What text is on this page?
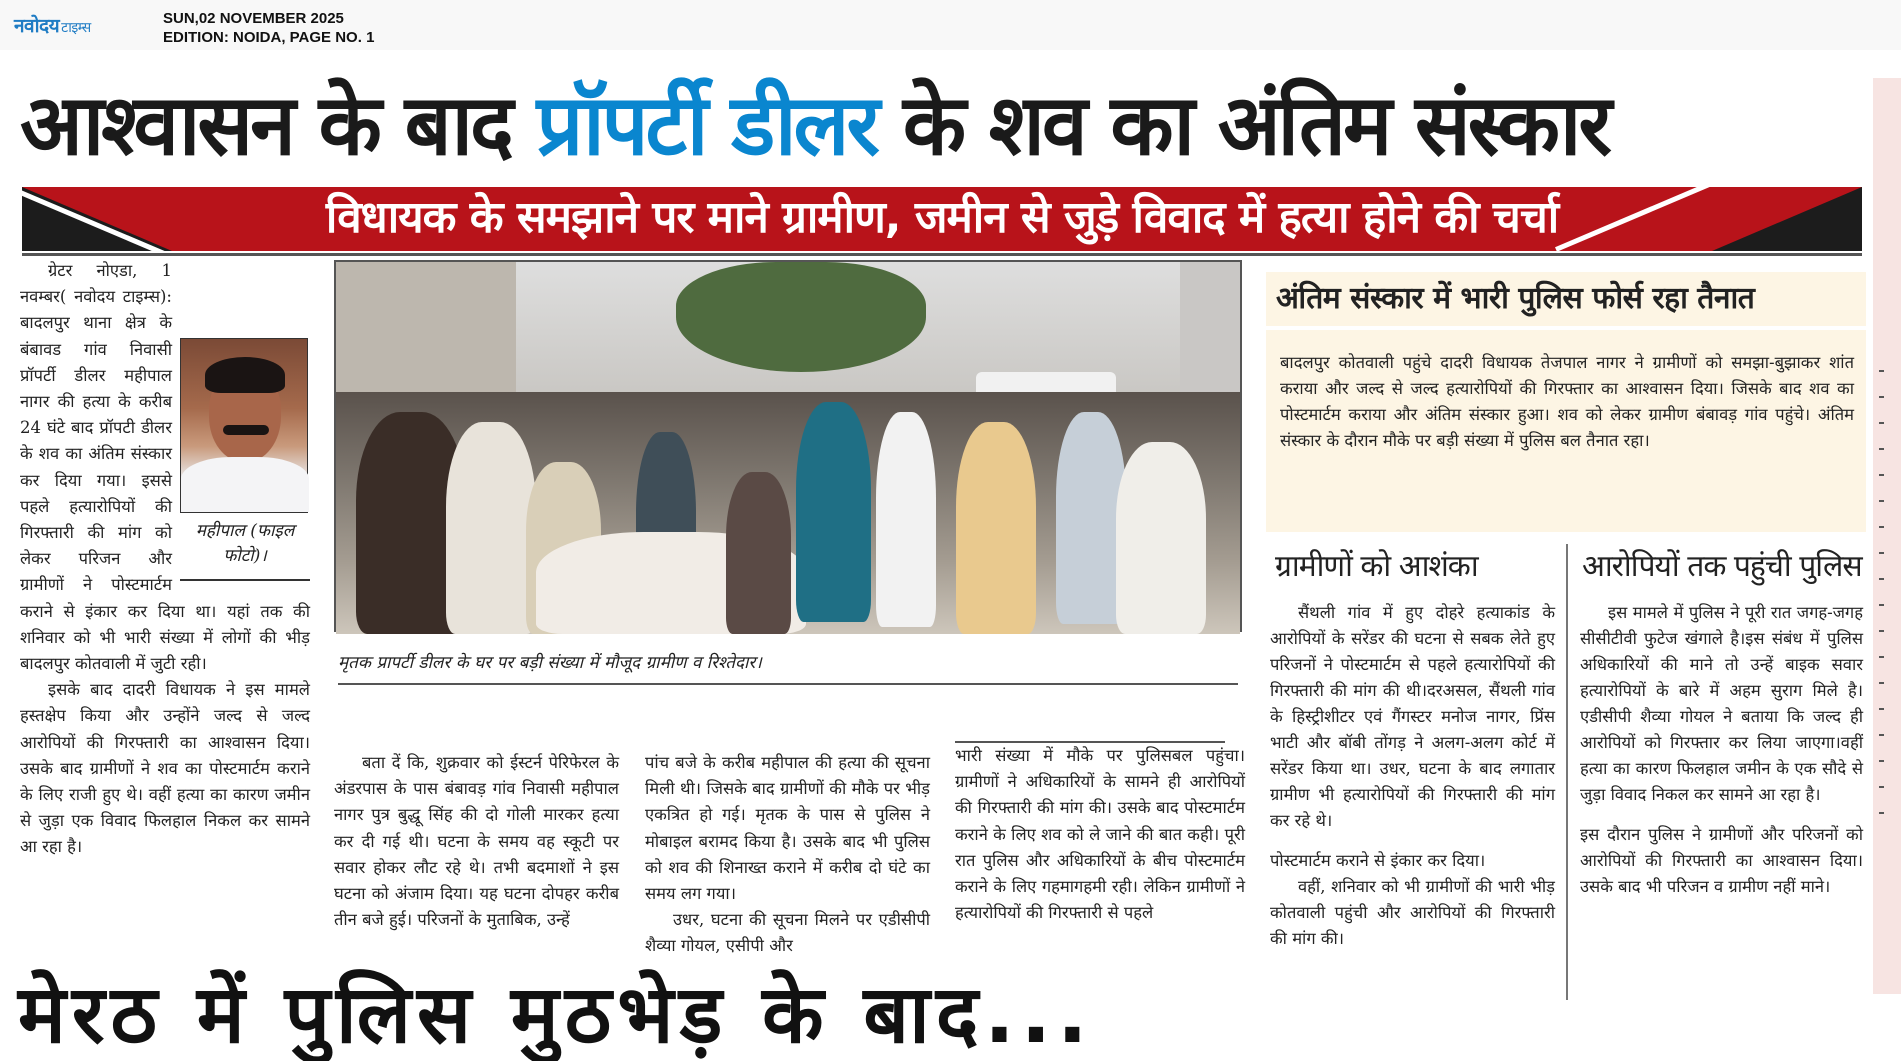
नवोदय टाइम्स
SUN,02 NOVEMBER 2025
EDITION: NOIDA, PAGE NO. 1
आश्वासन के बाद प्रॉपर्टी डीलर के शव का अंतिम संस्कार
विधायक के समझाने पर माने ग्रामीण, जमीन से जुड़े विवाद में हत्या होने की चर्चा
महीपाल (फाइल फोटो)।

ग्रेटर नोएडा, 1 नवम्बर( नवोदय टाइम्स): बादलपुर थाना क्षेत्र के बंबावड गांव निवासी प्रॉपर्टी डीलर महीपाल नागर की हत्या के करीब 24 घंटे बाद प्रॉपटी डीलर के शव का अंतिम संस्कार कर दिया गया। इससे पहले हत्यारोपियों की गिरफ्तारी की मांग को लेकर परिजन और ग्रामीणों ने पोस्टमार्टम कराने से इंकार कर दिया था। यहां तक की शनिवार को भी भारी संख्या में लोगों की भीड़ बादलपुर कोतवाली में जुटी रही।

इसके बाद दादरी विधायक ने इस मामले हस्तक्षेप किया और उन्होंने जल्द से जल्द आरोपियों की गिरफ्तारी का आश्वासन दिया। उसके बाद ग्रामीणों ने शव का पोस्टमार्टम कराने के लिए राजी हुए थे। वहीं हत्या का कारण जमीन से जुड़ा एक विवाद फिलहाल निकल कर सामने आ रहा है।

मृतक प्रापर्टी डीलर के घर पर बड़ी संख्या में मौजूद ग्रामीण व रिश्तेदार।

बता दें कि, शुक्रवार को ईस्टर्न पेरिफेरल के अंडरपास के पास बंबावड़ गांव निवासी महीपाल नागर पुत्र बुद्धू सिंह की दो गोली मारकर हत्या कर दी गई थी। घटना के समय वह स्कूटी पर सवार होकर लौट रहे थे। तभी बदमाशों ने इस घटना को अंजाम दिया। यह घटना दोपहर करीब तीन बजे हुई। परिजनों के मुताबिक, उन्हें

पांच बजे के करीब महीपाल की हत्या की सूचना मिली थी। जिसके बाद ग्रामीणों की मौके पर भीड़ एकत्रित हो गई। मृतक के पास से पुलिस ने मोबाइल बरामद किया है। उसके बाद भी पुलिस को शव की शिनाख्त कराने में करीब दो घंटे का समय लग गया।

उधर, घटना की सूचना मिलने पर एडीसीपी शैव्या गोयल, एसीपी और

भारी संख्या में मौके पर पुलिसबल पहुंचा। ग्रामीणों ने अधिकारियों के सामने ही आरोपियों की गिरफ्तारी की मांग की। उसके बाद पोस्टमार्टम कराने के लिए शव को ले जाने की बात कही। पूरी रात पुलिस और अधिकारियों के बीच पोस्टमार्टम कराने के लिए गहमागहमी रही। लेकिन ग्रामीणों ने हत्यारोपियों की गिरफ्तारी से पहले

अंतिम संस्कार में भारी पुलिस फोर्स रहा तैनात
बादलपुर कोतवाली पहुंचे दादरी विधायक तेजपाल नागर ने ग्रामीणों को समझा-बुझाकर शांत कराया और जल्द से जल्द हत्यारोपियों की गिरफ्तार का आश्वासन दिया। जिसके बाद शव का पोस्टमार्टम कराया और अंतिम संस्कार हुआ। शव को लेकर ग्रामीण बंबावड़ गांव पहुंचे। अंतिम संस्कार के दौरान मौके पर बड़ी संख्या में पुलिस बल तैनात रहा।
ग्रामीणों को आशंका	आरोपियों तक पहुंची पुलिस

सैंथली गांव में हुए दोहरे हत्याकांड के आरोपियों के सरेंडर की घटना से सबक लेते हुए परिजनों ने पोस्टमार्टम से पहले हत्यारोपियों की गिरफ्तारी की मांग की थी।दरअसल, सैंथली गांव के हिस्ट्रीशीटर एवं गैंगस्टर मनोज नागर, प्रिंस भाटी और बॉबी तोंगड़ ने अलग-अलग कोर्ट में सरेंडर किया था। उधर, घटना के बाद लगातार ग्रामीण भी हत्यारोपियों की गिरफ्तारी की मांग कर रहे थे।

पोस्टमार्टम कराने से इंकार कर दिया।

वहीं, शनिवार को भी ग्रामीणों की भारी भीड़ कोतवाली पहुंची और आरोपियों की गिरफ्तारी की मांग की।

इस मामले में पुलिस ने पूरी रात जगह-जगह सीसीटीवी फुटेज खंगाले है।इस संबंध में पुलिस अधिकारियों की माने तो उन्हें बाइक सवार हत्यारोपियों के बारे में अहम सुराग मिले है।एडीसीपी शैव्या गोयल ने बताया कि जल्द ही आरोपियों को गिरफ्तार कर लिया जाएगा।वहीं हत्या का कारण फिलहाल जमीन के एक सौदे से जुड़ा विवाद निकल कर सामने आ रहा है।

इस दौरान पुलिस ने ग्रामीणों और परिजनों को आरोपियों की गिरफ्तारी का आश्वासन दिया। उसके बाद भी परिजन व ग्रामीण नहीं माने।

मेरठ में पुलिस मुठभेड़ के बाद...
